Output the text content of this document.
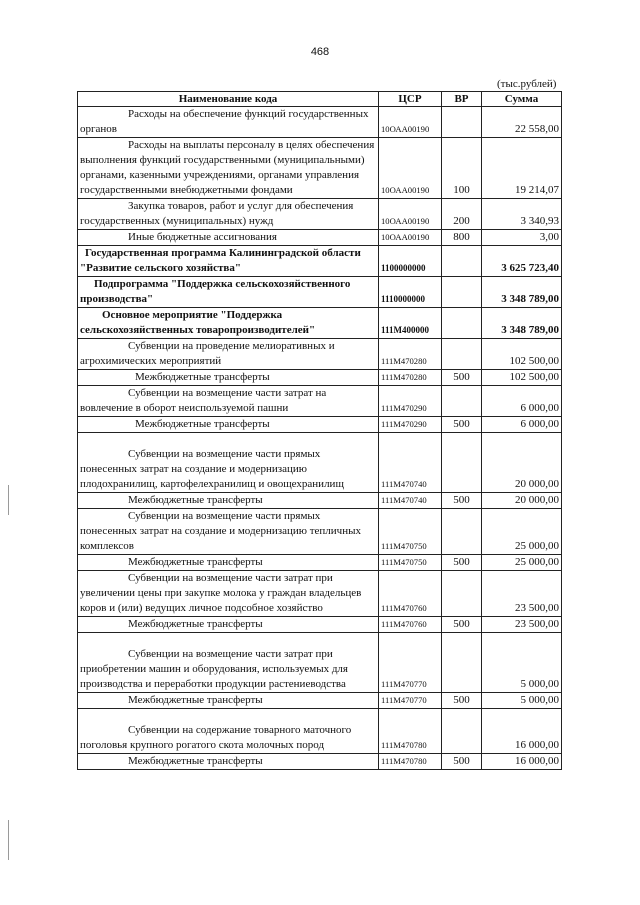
468
(тыс.рублей)
Наименование кода	ЦСР	ВР	Сумма
Расходы на обеспечение функций государственных органов	10ОАА00190		22 558,00
Расходы на выплаты персоналу в целях обеспечения выполнения функций государственными (муниципальными) органами, казенными учреждениями, органами управления государственными внебюджетными фондами	10ОАА00190	100	19 214,07
Закупка товаров, работ и услуг для обеспечения государственных (муниципальных) нужд	10ОАА00190	200	3 340,93
Иные бюджетные ассигнования	10ОАА00190	800	3,00
Государственная программа Калининградской области "Развитие сельского хозяйства"	1100000000		3 625 723,40
Подпрограмма "Поддержка сельскохозяйственного производства"	1110000000		3 348 789,00
Основное мероприятие "Поддержка сельскохозяйственных товаропроизводителей"	111М400000		3 348 789,00
Субвенции на проведение мелиоративных и агрохимических мероприятий	111М470280		102 500,00
Межбюджетные трансферты	111М470280	500	102 500,00
Субвенции на возмещение части затрат на вовлечение в оборот неиспользуемой пашни	111М470290		6 000,00
Межбюджетные трансферты	111М470290	500	6 000,00
Субвенции на возмещение части прямых понесенных затрат на создание и модернизацию плодохранилищ, картофелехранилищ и овощехранилищ	111М470740		20 000,00
Межбюджетные трансферты	111М470740	500	20 000,00
Субвенции на возмещение части прямых понесенных затрат на создание и модернизацию тепличных комплексов	111М470750		25 000,00
Межбюджетные трансферты	111М470750	500	25 000,00
Субвенции на возмещение части затрат при увеличении цены при закупке молока у граждан владельцев коров и (или) ведущих личное подсобное хозяйство	111М470760		23 500,00
Межбюджетные трансферты	111М470760	500	23 500,00
Субвенции на возмещение части затрат при приобретении машин и оборудования, используемых для производства и переработки продукции растениеводства	111М470770		5 000,00
Межбюджетные трансферты	111М470770	500	5 000,00
Субвенции на содержание товарного маточного поголовья крупного рогатого скота молочных пород	111М470780		16 000,00
Межбюджетные трансферты	111М470780	500	16 000,00
